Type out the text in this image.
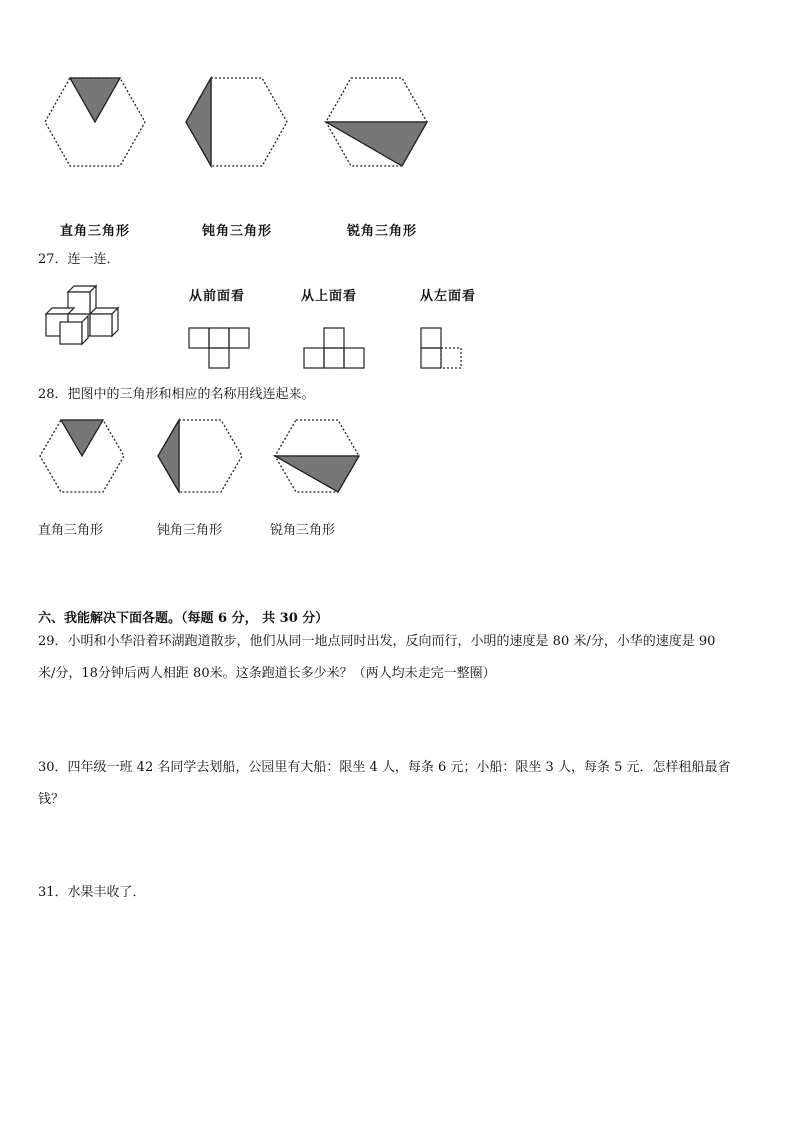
直角三角形	钝角三角形	锐角三角形
27．连一连．
从前面看	从上面看	从左面看
28．把图中的三角形和相应的名称用线连起来。
直角三角形	钝角三角形	锐角三角形
六、我能解决下面各题。（每题 6 分， 共 30 分）
29．小明和小华沿着环湖跑道散步，他们从同一地点同时出发，反向而行，小明的速度是 80 米/分，小华的速度是 90
米/分，18分钟后两人相距 80米。这条跑道长多少米？（两人均未走完一整圈）
30．四年级一班 42 名同学去划船，公园里有大船：限坐 4 人，每条 6 元；小船：限坐 3 人，每条 5 元．怎样租船最省
钱？
31．水果丰收了．
